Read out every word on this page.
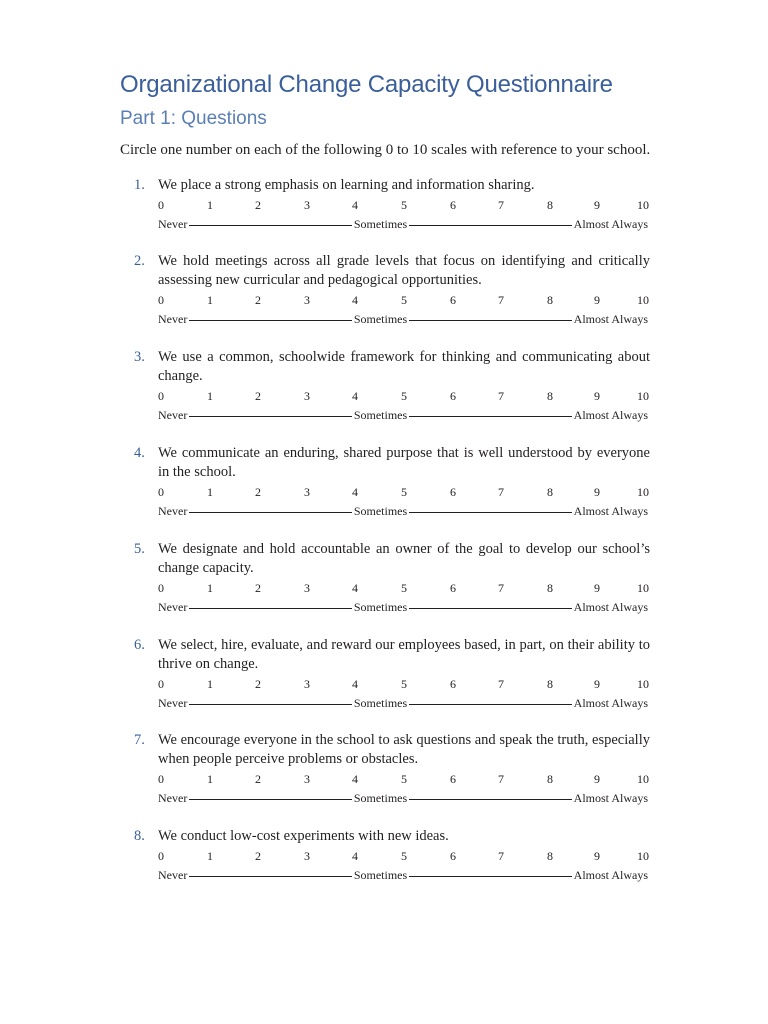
Organizational Change Capacity Questionnaire
Part 1: Questions
Circle one number on each of the following 0 to 10 scales with reference to your school.
1. We place a strong emphasis on learning and information sharing.
0	1	2	3	4	5	6	7	8	9	10
Never	Sometimes	Almost Always
2. We hold meetings across all grade levels that focus on identifying and critically assessing new curricular and pedagogical opportunities.
0	1	2	3	4	5	6	7	8	9	10
Never	Sometimes	Almost Always
3. We use a common, schoolwide framework for thinking and communicating about change.
0	1	2	3	4	5	6	7	8	9	10
Never	Sometimes	Almost Always
4. We communicate an enduring, shared purpose that is well understood by everyone in the school.
0	1	2	3	4	5	6	7	8	9	10
Never	Sometimes	Almost Always
5. We designate and hold accountable an owner of the goal to develop our school’s change capacity.
0	1	2	3	4	5	6	7	8	9	10
Never	Sometimes	Almost Always
6. We select, hire, evaluate, and reward our employees based, in part, on their ability to thrive on change.
0	1	2	3	4	5	6	7	8	9	10
Never	Sometimes	Almost Always
7. We encourage everyone in the school to ask questions and speak the truth, especially when people perceive problems or obstacles.
0	1	2	3	4	5	6	7	8	9	10
Never	Sometimes	Almost Always
8. We conduct low-cost experiments with new ideas.
0	1	2	3	4	5	6	7	8	9	10
Never	Sometimes	Almost Always
